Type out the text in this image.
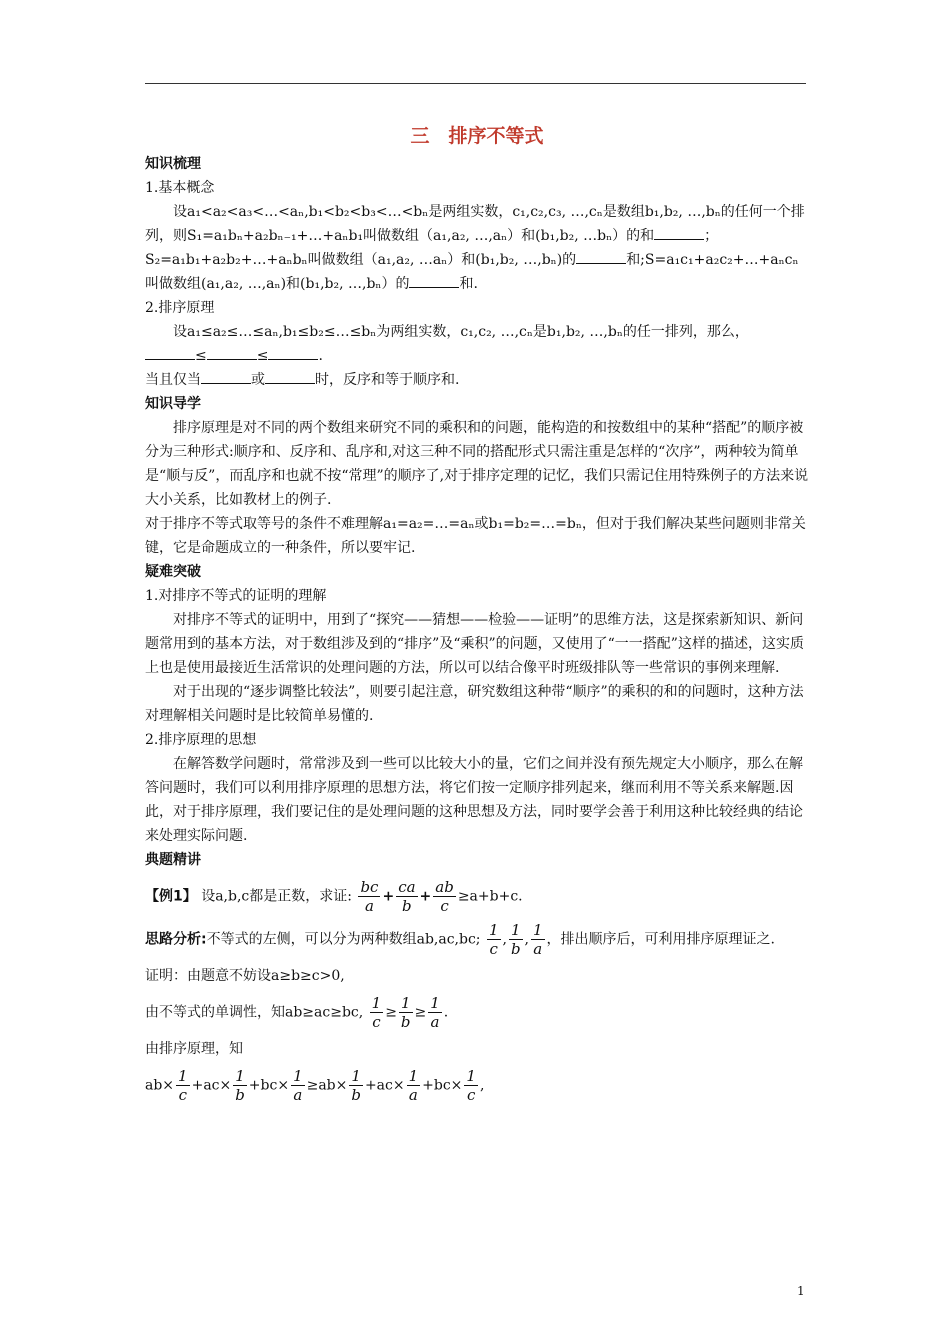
三　排序不等式
知识梳理

1.基本概念

设a₁<a₂<a₃<…<aₙ,b₁<b₂<b₃<…<bₙ是两组实数，c₁,c₂,c₃, …,cₙ是数组b₁,b₂, …,bₙ的任何一个排列，则S₁=a₁bₙ+a₂bₙ₋₁+…+aₙb₁叫做数组（a₁,a₂, …,aₙ）和(b₁,b₂, …bₙ）的和	；S₂=a₁b₁+a₂b₂+…+aₙbₙ叫做数组（a₁,a₂, …aₙ）和(b₁,b₂, …,bₙ)的	和;S=a₁c₁+a₂c₂+…+aₙcₙ叫做数组(a₁,a₂, …,aₙ)和(b₁,b₂, …,bₙ）的	和.

2.排序原理

设a₁≤a₂≤…≤aₙ,b₁≤b₂≤…≤bₙ为两组实数，c₁,c₂, …,cₙ是b₁,b₂, …,bₙ的任一排列，那么，

≤	≤	.

当且仅当	或	时，反序和等于顺序和.

知识导学

排序原理是对不同的两个数组来研究不同的乘积和的问题，能构造的和按数组中的某种“搭配”的顺序被分为三种形式:顺序和、反序和、乱序和,对这三种不同的搭配形式只需注重是怎样的“次序”，两种较为简单是“顺与反”，而乱序和也就不按“常理”的顺序了,对于排序定理的记忆，我们只需记住用特殊例子的方法来说大小关系，比如教材上的例子.

对于排序不等式取等号的条件不难理解a₁=a₂=…=aₙ或b₁=b₂=…=bₙ，但对于我们解决某些问题则非常关键，它是命题成立的一种条件，所以要牢记.

疑难突破

1.对排序不等式的证明的理解

对排序不等式的证明中，用到了“探究——猜想——检验——证明”的思维方法，这是探索新知识、新问题常用到的基本方法，对于数组涉及到的“排序”及“乘积”的问题，又使用了“一一搭配”这样的描述，这实质上也是使用最接近生活常识的处理问题的方法，所以可以结合像平时班级排队等一些常识的事例来理解.

对于出现的“逐步调整比较法”，则要引起注意，研究数组这种带“顺序”的乘积的和的问题时，这种方法对理解相关问题时是比较简单易懂的.

2.排序原理的思想

在解答数学问题时，常常涉及到一些可以比较大小的量，它们之间并没有预先规定大小顺序，那么在解答问题时，我们可以利用排序原理的思想方法，将它们按一定顺序排列起来，继而利用不等关系来解题.因此，对于排序原理，我们要记住的是处理问题的这种思想及方法，同时要学会善于利用这种比较经典的结论来处理实际问题.

典题精讲

【例1】 设a,b,c都是正数，求证: $\frac{bc}{a} + \frac{ca}{b} + \frac{ab}{c} \ge a+b+c$.

思路分析:不等式的左侧，可以分为两种数组ab,ac,bc; $\frac{1}{c}$ , $\frac{1}{b}$ , $\frac{1}{a}$ ，排出顺序后，可利用排序原理证之.

证明：由题意不妨设a≥b≥c>0,

由不等式的单调性，知ab≥ac≥bc, $\frac{1}{c} \ge \frac{1}{b} \ge \frac{1}{a}$ .

由排序原理，知

$ab\times \frac{1}{c} +ac\times \frac{1}{b} +bc\times \frac{1}{a} \ge ab\times \frac{1}{b} +ac\times \frac{1}{a} +bc\times \frac{1}{c}$ ,

1
